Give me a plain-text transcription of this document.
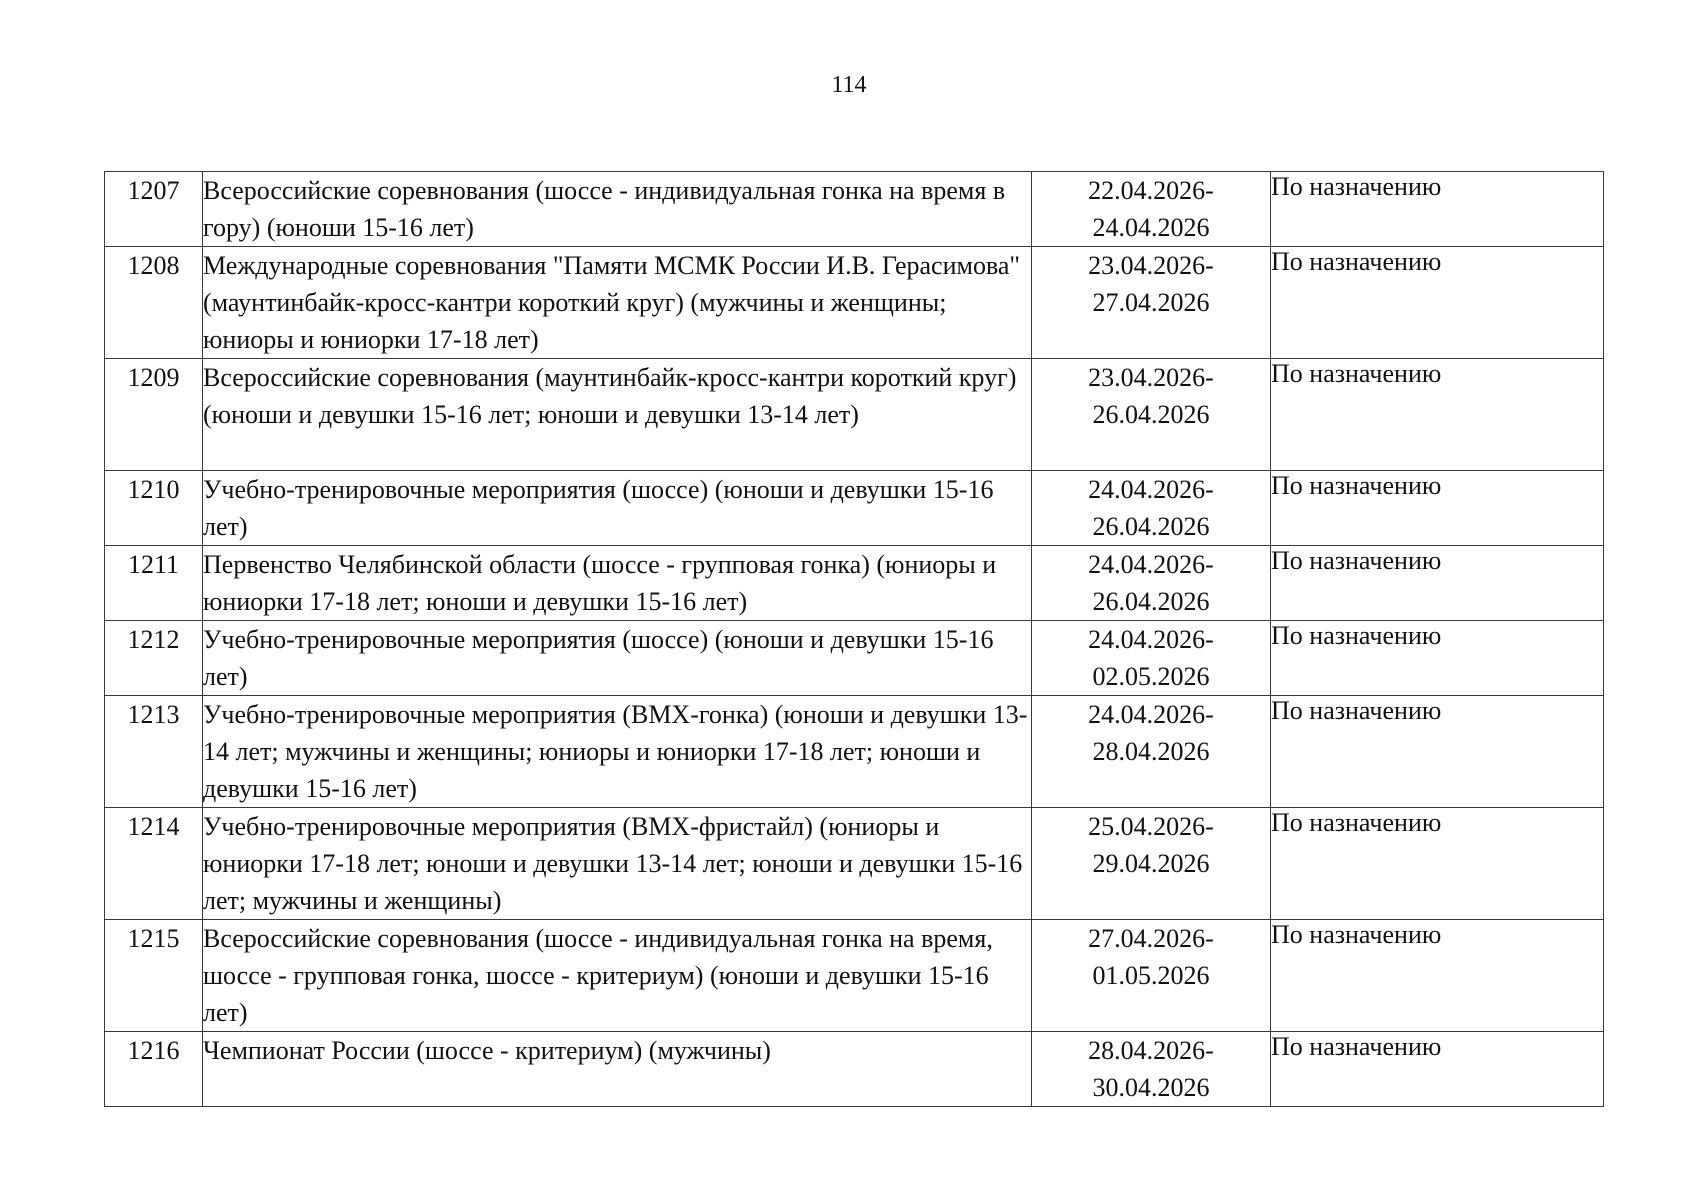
114
1207	Всероссийские соревнования (шоссе - индивидуальная гонка на время в гору) (юноши 15-16 лет)	22.04.2026-
24.04.2026	По назначению

1208	Международные соревнования "Памяти МСМК России И.В. Герасимова" (маунтинбайк-кросс-кантри короткий круг) (мужчины и женщины; юниоры и юниорки 17-18 лет)	23.04.2026-
27.04.2026	По назначению

1209	Всероссийские соревнования (маунтинбайк-кросс-кантри короткий круг) (юноши и девушки 15-16 лет; юноши и девушки 13-14 лет)	23.04.2026-
26.04.2026	По назначению

1210	Учебно-тренировочные мероприятия (шоссе) (юноши и девушки 15-16 лет)	24.04.2026-
26.04.2026	По назначению

1211	Первенство Челябинской области (шоссе - групповая гонка) (юниоры и юниорки 17-18 лет; юноши и девушки 15-16 лет)	24.04.2026-
26.04.2026	По назначению

1212	Учебно-тренировочные мероприятия (шоссе) (юноши и девушки 15-16 лет)	24.04.2026-
02.05.2026	По назначению

1213	Учебно-тренировочные мероприятия (BMX-гонка) (юноши и девушки 13-14 лет; мужчины и женщины; юниоры и юниорки 17-18 лет; юноши и девушки 15-16 лет)	24.04.2026-
28.04.2026	По назначению

1214	Учебно-тренировочные мероприятия (BMX-фристайл) (юниоры и юниорки 17-18 лет; юноши и девушки 13-14 лет; юноши и девушки 15-16 лет; мужчины и женщины)	25.04.2026-
29.04.2026	По назначению

1215	Всероссийские соревнования (шоссе - индивидуальная гонка на время, шоссе - групповая гонка, шоссе - критериум) (юноши и девушки 15-16 лет)	27.04.2026-
01.05.2026	По назначению

1216	Чемпионат России (шоссе - критериум) (мужчины)	28.04.2026-
30.04.2026	По назначению
